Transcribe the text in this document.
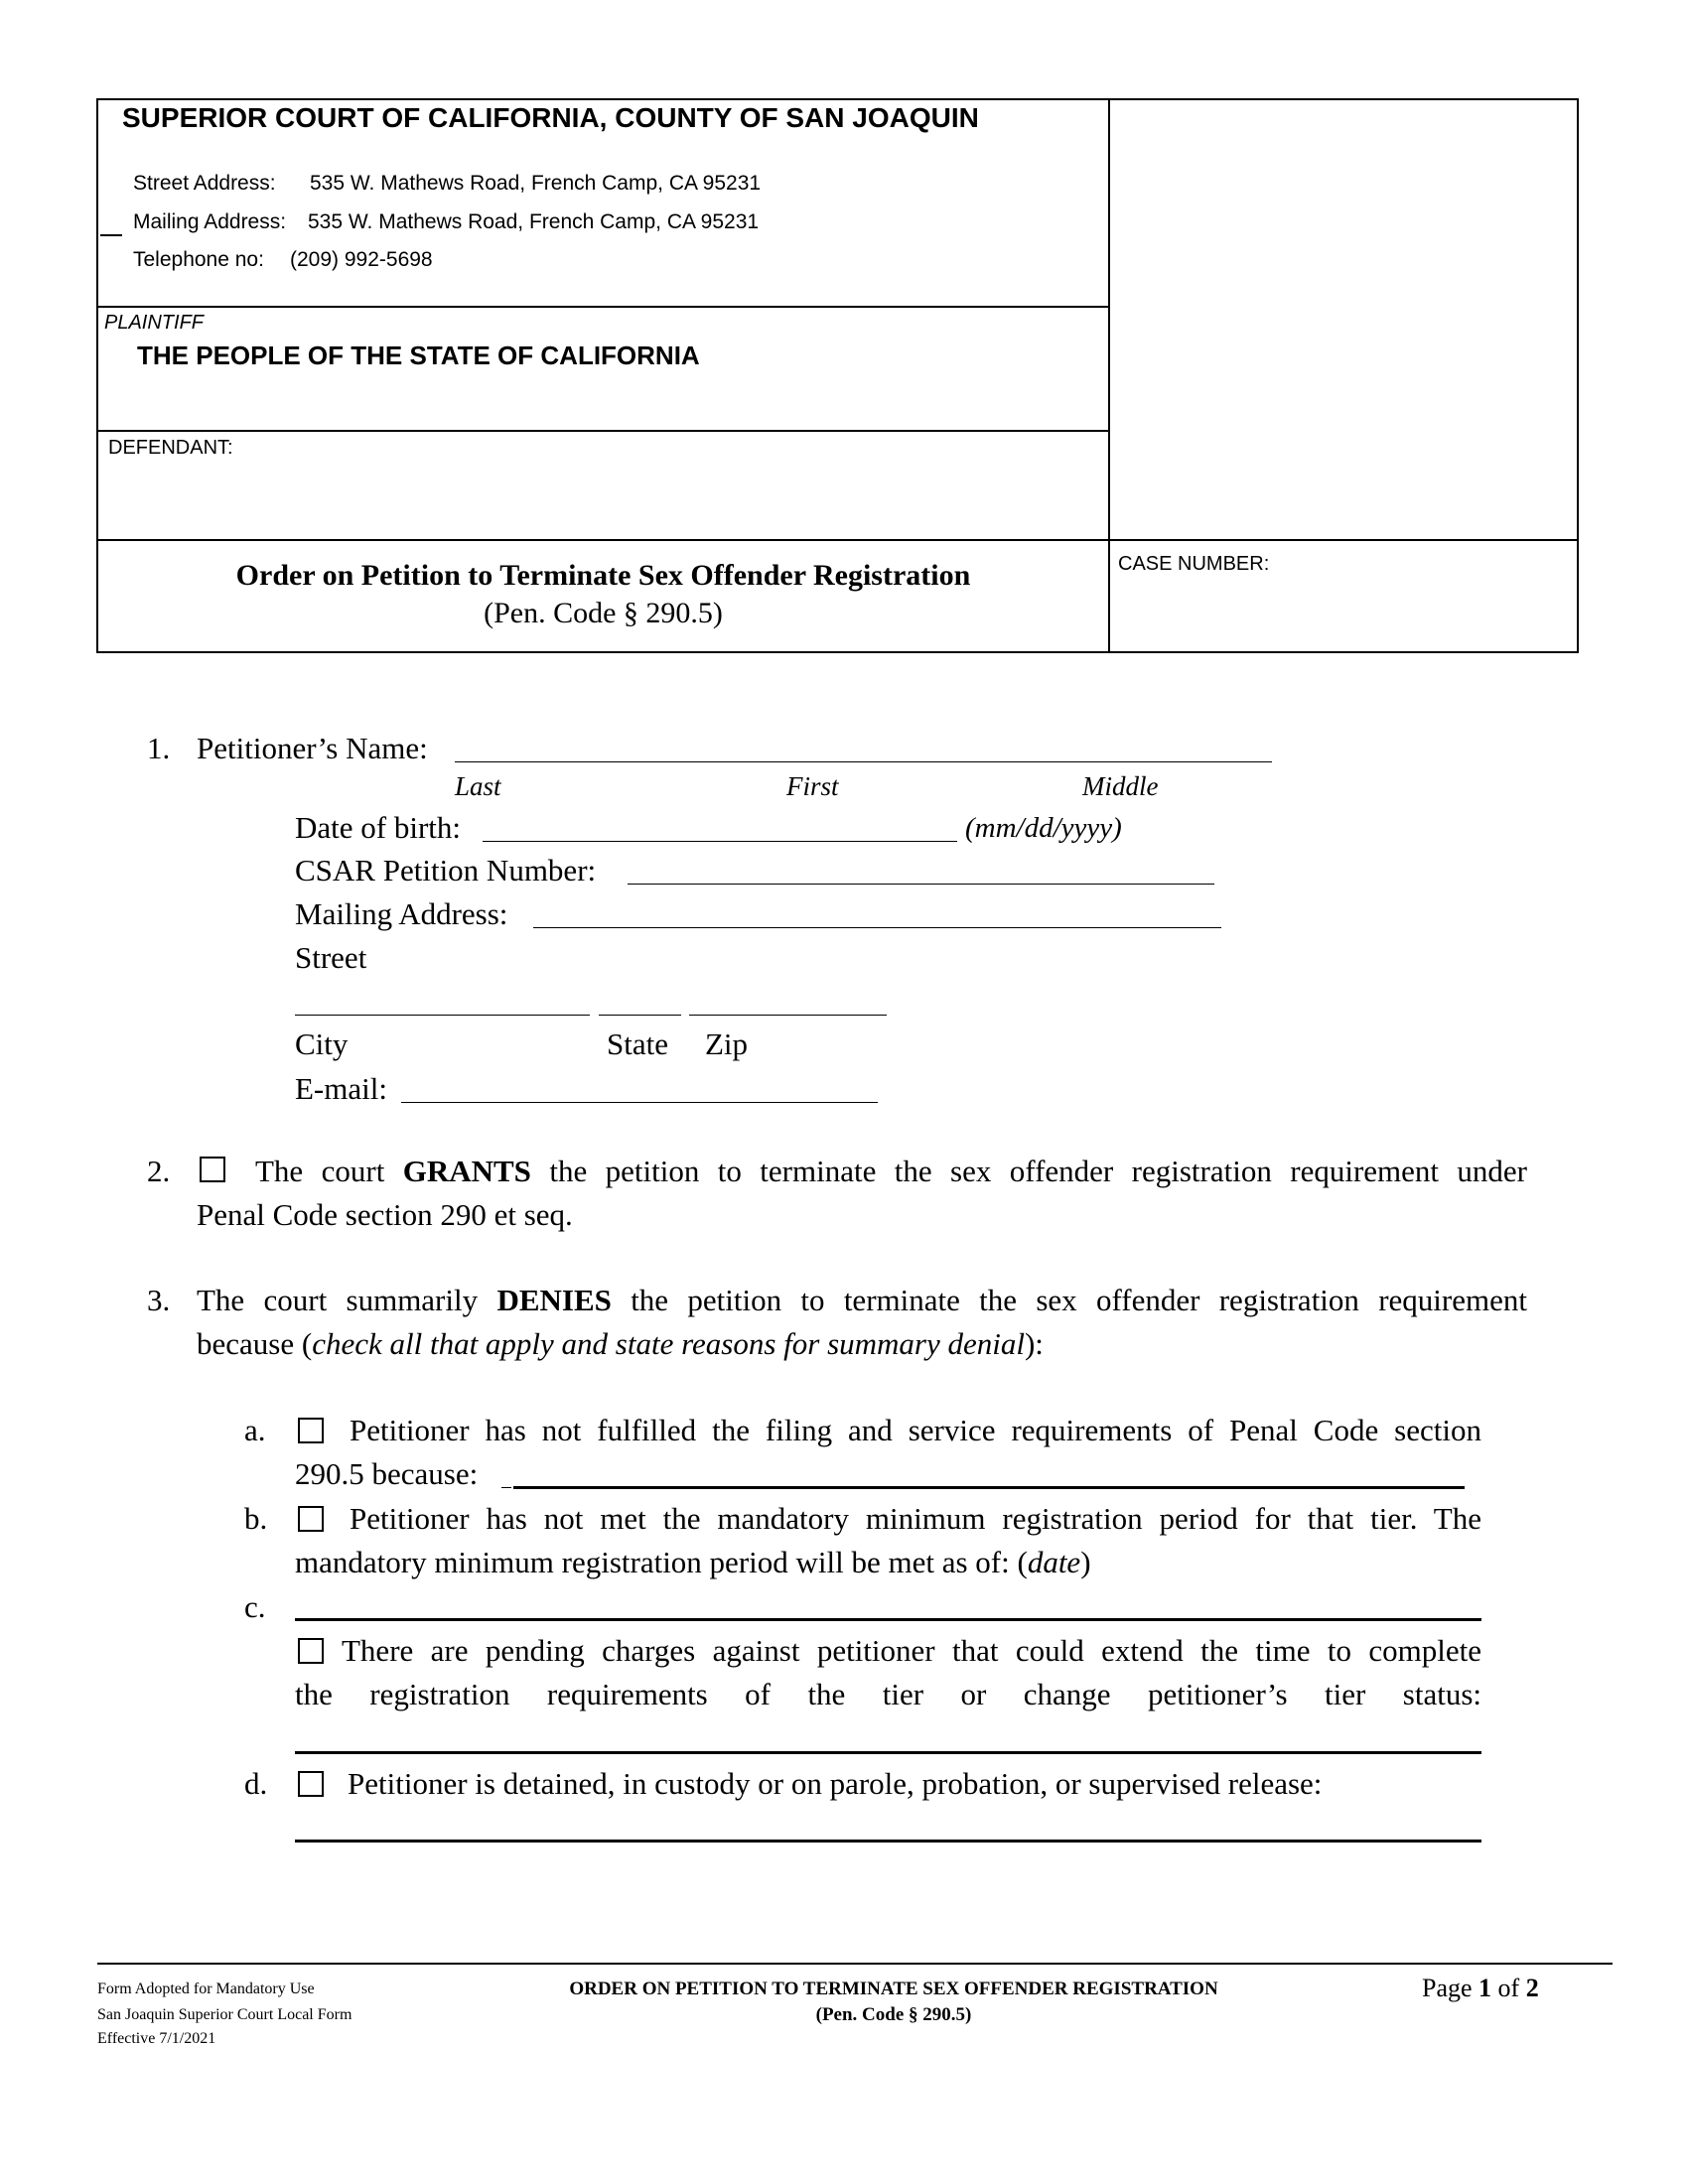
SUPERIOR COURT OF CALIFORNIA, COUNTY OF SAN JOAQUIN
Street Address: 535 W. Mathews Road, French Camp, CA 95231
Mailing Address: 535 W. Mathews Road, French Camp, CA 95231
Telephone no: (209) 992-5698
PLAINTIFF
THE PEOPLE OF THE STATE OF CALIFORNIA
DEFENDANT:
Order on Petition to Terminate Sex Offender Registration
(Pen. Code § 290.5)
CASE NUMBER:
1. Petitioner’s Name:
Last	First	Middle
Date of birth:	(mm/dd/yyyy)
CSAR Petition Number:
Mailing Address:
Street
City	State Zip
E-mail:
2.	The court GRANTS the petition to terminate the sex offender registration requirement under
Penal Code section 290 et seq.
3. The court summarily DENIES the petition to terminate the sex offender registration requirement
because (check all that apply and state reasons for summary denial):
a.	Petitioner has not fulfilled the filing and service requirements of Penal Code section
290.5 because:
b.	Petitioner has not met the mandatory minimum registration period for that tier. The
mandatory minimum registration period will be met as of: (date)
c.
There are pending charges against petitioner that could extend the time to complete
the registration requirements of the tier or change petitioner’s tier status:
d.	Petitioner is detained, in custody or on parole, probation, or supervised release:
Form Adopted for Mandatory Use
San Joaquin Superior Court Local Form
Effective 7/1/2021
ORDER ON PETITION TO TERMINATE SEX OFFENDER REGISTRATION
(Pen. Code § 290.5)
Page 1 of 2
